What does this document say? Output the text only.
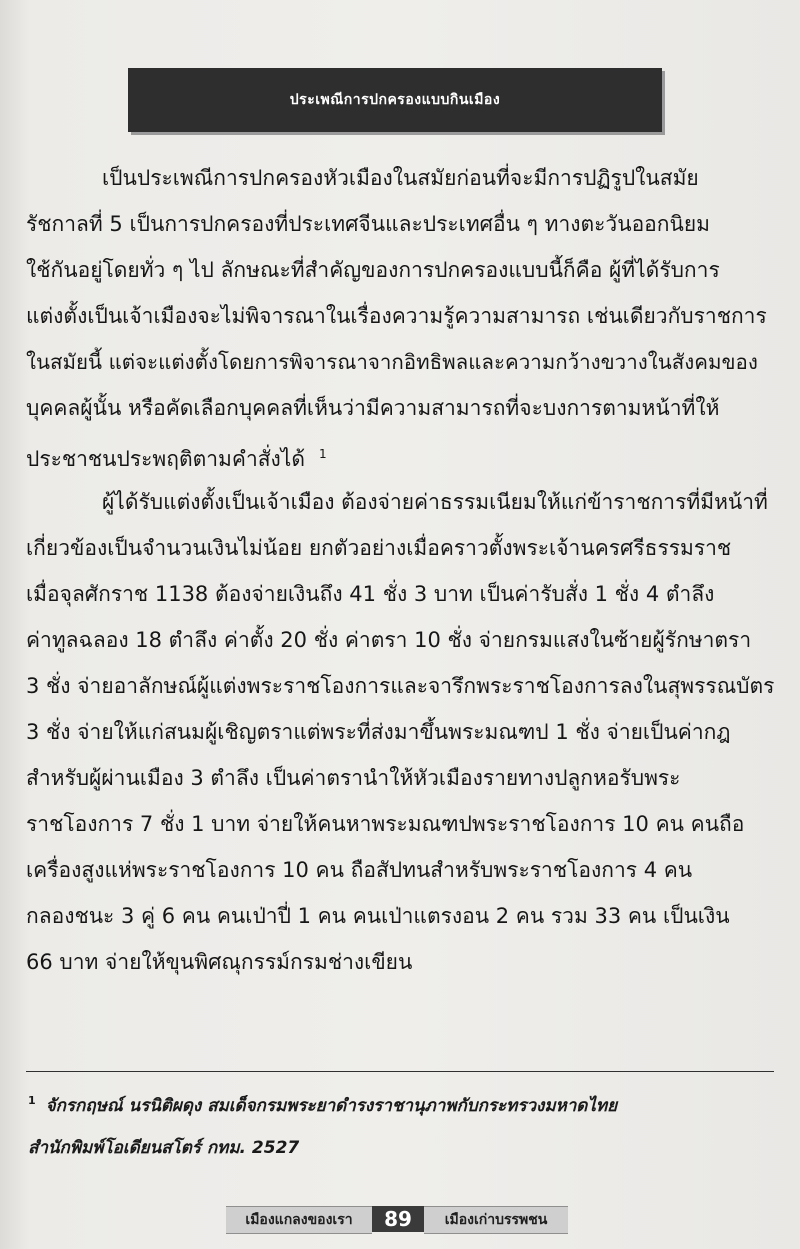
ประเพณีการปกครองแบบกินเมือง
เป็นประเพณีการปกครองหัวเมืองในสมัยก่อนที่จะมีการปฏิรูปในสมัย
รัชกาลที่ 5 เป็นการปกครองที่ประเทศจีนและประเทศอื่น ๆ ทางตะวันออกนิยม
ใช้กันอยู่โดยทั่ว ๆ ไป ลักษณะที่สำคัญของการปกครองแบบนี้ก็คือ ผู้ที่ได้รับการ
แต่งตั้งเป็นเจ้าเมืองจะไม่พิจารณาในเรื่องความรู้ความสามารถ เช่นเดียวกับราชการ
ในสมัยนี้ แต่จะแต่งตั้งโดยการพิจารณาจากอิทธิพลและความกว้างขวางในสังคมของ
บุคคลผู้นั้น หรือคัดเลือกบุคคลที่เห็นว่ามีความสามารถที่จะบงการตามหน้าที่ให้
ประชาชนประพฤติตามคำสั่งได้ $^1$
ผู้ได้รับแต่งตั้งเป็นเจ้าเมือง ต้องจ่ายค่าธรรมเนียมให้แก่ข้าราชการที่มีหน้าที่
เกี่ยวข้องเป็นจำนวนเงินไม่น้อย ยกตัวอย่างเมื่อคราวตั้งพระเจ้านครศรีธรรมราช
เมื่อจุลศักราช 1138 ต้องจ่ายเงินถึง 41 ชั่ง 3 บาท เป็นค่ารับสั่ง 1 ชั่ง 4 ตำลึง
ค่าทูลฉลอง 18 ตำลึง ค่าตั้ง 20 ชั่ง ค่าตรา 10 ชั่ง จ่ายกรมแสงในซ้ายผู้รักษาตรา
3 ชั่ง จ่ายอาลักษณ์ผู้แต่งพระราชโองการและจารึกพระราชโองการลงในสุพรรณบัตร
3 ชั่ง จ่ายให้แก่สนมผู้เชิญตราแต่พระที่ส่งมาขึ้นพระมณฑป 1 ชั่ง จ่ายเป็นค่ากฎ
สำหรับผู้ผ่านเมือง 3 ตำลึง เป็นค่าตรานำให้หัวเมืองรายทางปลูกหอรับพระ
ราชโองการ 7 ชั่ง 1 บาท จ่ายให้คนหาพระมณฑปพระราชโองการ 10 คน คนถือ
เครื่องสูงแห่พระราชโองการ 10 คน ถือสัปทนสำหรับพระราชโองการ 4 คน
กลองชนะ 3 คู่ 6 คน คนเป่าปี่ 1 คน คนเป่าแตรงอน 2 คน รวม 33 คน เป็นเงิน
66 บาท จ่ายให้ขุนพิศณุกรรม์กรมช่างเขียน
$^1$ จักรกฤษณ์ นรนิติผดุง สมเด็จกรมพระยาดำรงราชานุภาพกับกระทรวงมหาดไทย
สำนักพิมพ์โอเดียนสโตร์ กทม. 2527
เมืองแกลงของเรา	89	เมืองเก่าบรรพชน
